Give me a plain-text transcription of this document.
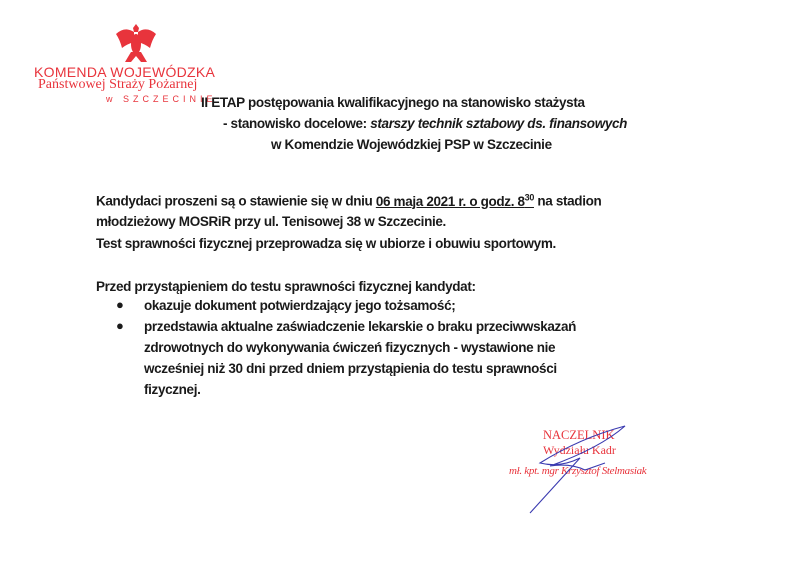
KOMENDA WOJEWÓDZKA
Państwowej Straży Pożarnej
w SZCZECINIE
II ETAP postępowania kwalifikacyjnego na stanowisko stażysta
- stanowisko docelowe: starszy technik sztabowy ds. finansowych
w Komendzie Wojewódzkiej PSP w Szczecinie
Kandydaci proszeni są o stawienie się w dniu 06 maja 2021 r. o godz. $8^{30}$ na stadion
młodzieżowy MOSRiR przy ul. Tenisowej 38 w Szczecinie.
Test sprawności fizycznej przeprowadza się w ubiorze i obuwiu sportowym.
Przed przystąpieniem do testu sprawności fizycznej kandydat:
● okazuje dokument potwierdzający jego tożsamość;
● przedstawia aktualne zaświadczenie lekarskie o braku przeciwwskazań
zdrowotnych do wykonywania ćwiczeń fizycznych - wystawione nie
wcześniej niż 30 dni przed dniem przystąpienia do testu sprawności
fizycznej.
NACZELNIK
Wydziału Kadr
mł. kpt. mgr Krzysztof Stelmasiak
